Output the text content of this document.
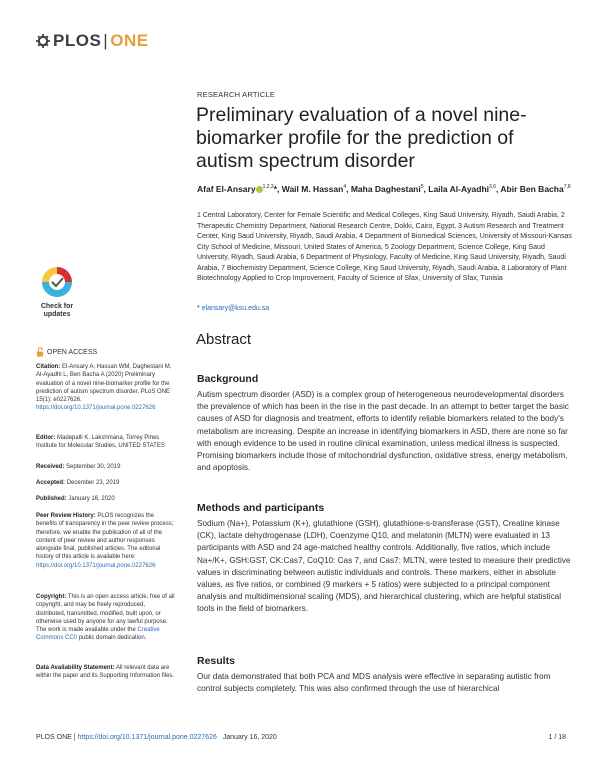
PLOS | ONE
RESEARCH ARTICLE
Preliminary evaluation of a novel nine-biomarker profile for the prediction of autism spectrum disorder
Afaf El-Ansary $^{1,2,3}$*, Wail M. Hassan$^4$, Maha Daghestani$^5$, Laila Al-Ayadhi$^{3,6}$, Abir Ben Bacha$^{7,8}$
1 Central Laboratory, Center for Female Scientific and Medical Colleges, King Saud University, Riyadh, Saudi Arabia, 2 Therapeutic Chemistry Department, National Research Centre, Dokki, Cairo, Egypt, 3 Autism Research and Treatment Center, King Saud University, Riyadh, Saudi Arabia, 4 Department of Biomedical Sciences, University of Missouri-Kansas City School of Medicine, Missouri, United States of America, 5 Zoology Department, Science College, King Saud University, Riyadh, Saudi Arabia, 6 Department of Physiology, Faculty of Medicine, King Saud University, Riyadh, Saudi Arabia, 7 Biochemistry Department, Science College, King Saud University, Riyadh, Saudi Arabia, 8 Laboratory of Plant Biotechnology Applied to Crop Improvement, Faculty of Science of Sfax, University of Sfax, Tunisia
* elansary@ksu.edu.sa
Abstract
Background
Autism spectrum disorder (ASD) is a complex group of heterogeneous neurodevelopmental disorders the prevalence of which has been in the rise in the past decade. In an attempt to better target the basic causes of ASD for diagnosis and treatment, efforts to identify reliable biomarkers related to the body's metabolism are increasing. Despite an increase in identifying biomarkers in ASD, there are none so far with enough evidence to be used in routine clinical examination, unless medical illness is suspected. Promising biomarkers include those of mitochondrial dysfunction, oxidative stress, energy metabolism, and apoptosis.
Methods and participants
Sodium (Na+), Potassium (K+), glutathione (GSH), glutathione-s-transferase (GST), Creatine kinase (CK), lactate dehydrogenase (LDH), Coenzyme Q10, and melatonin (MLTN) were evaluated in 13 participants with ASD and 24 age-matched healthy controls. Additionally, five ratios, which include Na+/K+, GSH:GST, CK:Cas7, CoQ10: Cas 7, and Cas7: MLTN, were tested to measure their predictive values in discriminating between autistic individuals and controls. These markers, either in absolute values, as five ratios, or combined (9 markers + 5 ratios) were subjected to a principal component analysis and multidimensional scaling (MDS), and hierarchical clustering, which are helpful statistical tools in the field of biomarkers.
Results
Our data demonstrated that both PCA and MDS analysis were effective in separating autistic from control subjects completely. This was also confirmed through the use of hierarchical
Check for updates
OPEN ACCESS
Citation: El-Ansary A, Hassan WM, Daghestani M, Al-Ayadhi L, Ben Bacha A (2020) Preliminary evaluation of a novel nine-biomarker profile for the prediction of autism spectrum disorder. PLoS ONE 15(1): e0227626. https://doi.org/10.1371/journal.pone.0227626
Editor: Madepalli K. Lakshmana, Torrey Pines Institute for Molecular Studies, UNITED STATES
Received: September 30, 2019
Accepted: December 23, 2019
Published: January 16, 2020
Peer Review History: PLOS recognizes the benefits of transparency in the peer review process; therefore, we enable the publication of all of the content of peer review and author responses alongside final, published articles. The editorial history of this article is available here: https://doi.org/10.1371/journal.pone.0227626
Copyright: This is an open access article, free of all copyright, and may be freely reproduced, distributed, transmitted, modified, built upon, or otherwise used by anyone for any lawful purpose. The work is made available under the Creative Commons CC0 public domain dedication.
Data Availability Statement: All relevant data are within the paper and its Supporting Information files.
PLOS ONE | https://doi.org/10.1371/journal.pone.0227626 January 16, 2020	1 / 18
